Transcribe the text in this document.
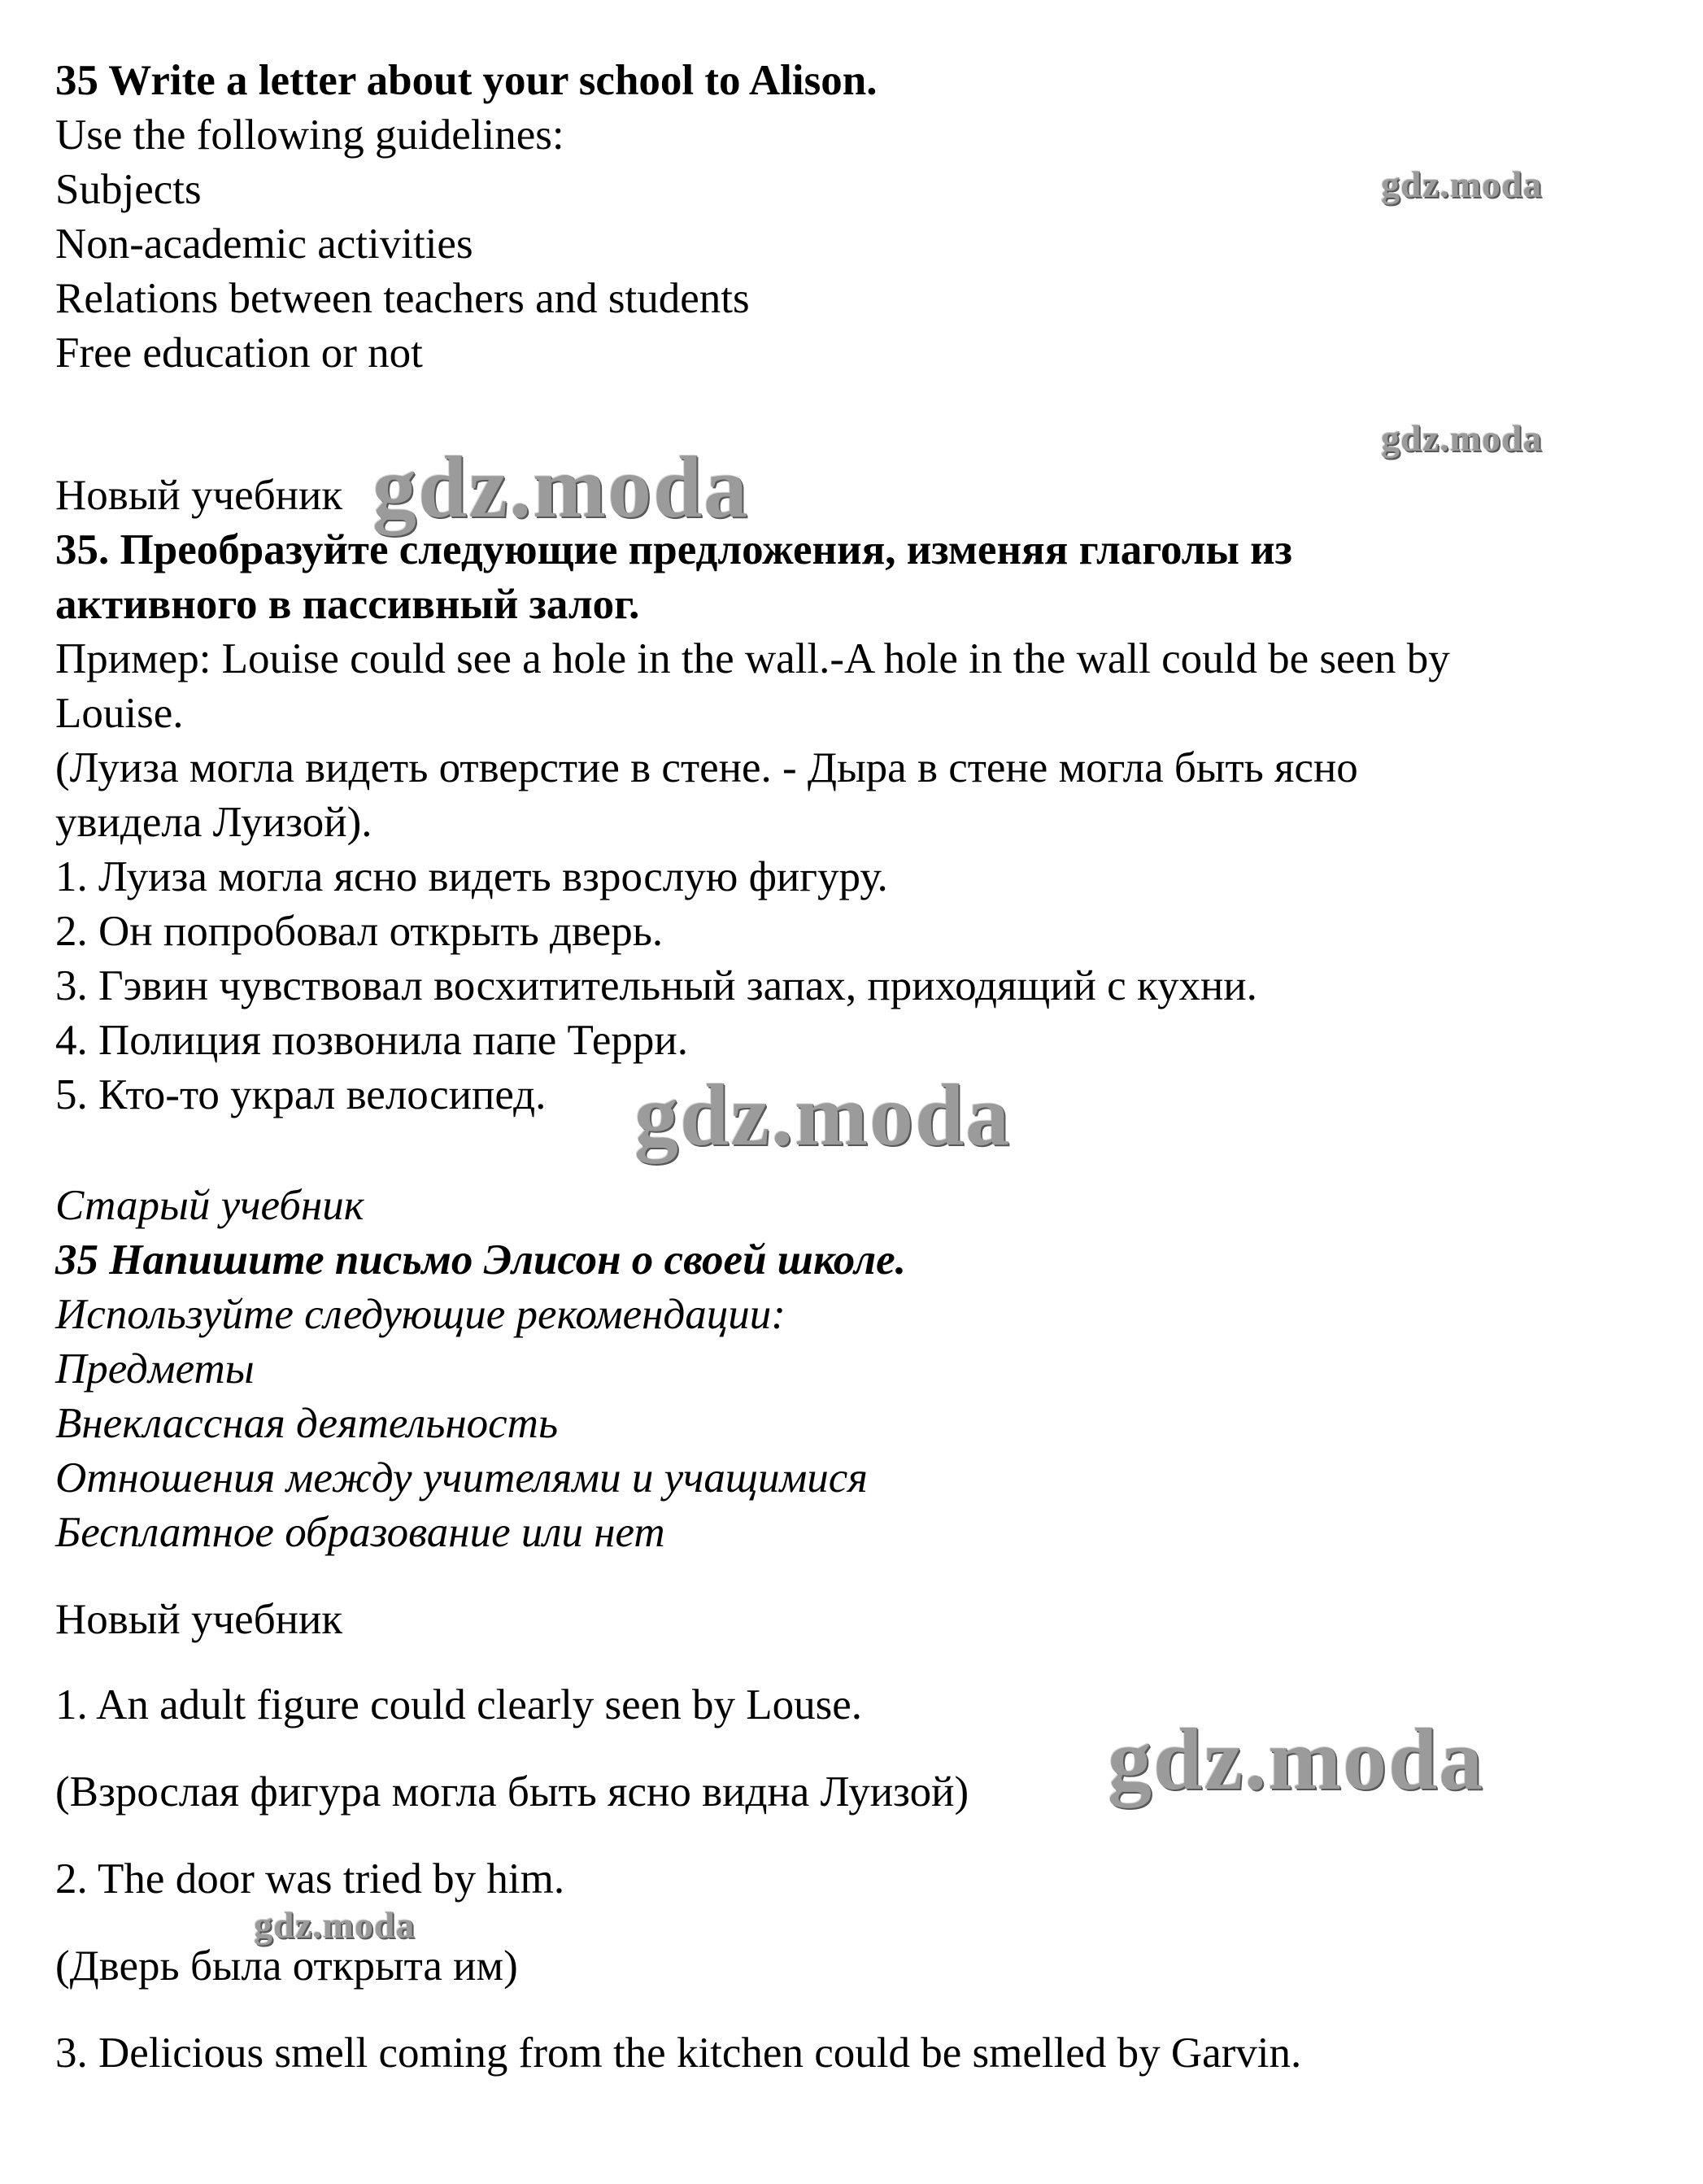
35 Write a letter about your school to Alison.
Use the following guidelines:
Subjects
Non-academic activities
Relations between teachers and students
Free education or not
Новый учебник
35. Преобразуйте следующие предложения, изменяя глаголы из
активного в пассивный залог.
Пример: Louise could see a hole in the wall.-A hole in the wall could be seen by
Louise.
(Луиза могла видеть отверстие в стене. - Дыра в стене могла быть ясно
увидела Луизой).
1. Луиза могла ясно видеть взрослую фигуру.
2. Он попробовал открыть дверь.
3. Гэвин чувствовал восхитительный запах, приходящий с кухни.
4. Полиция позвонила папе Терри.
5. Кто-то украл велосипед.
Старый учебник
35 Напишите письмо Элисон о своей школе.
Используйте следующие рекомендации:
Предметы
Внеклассная деятельность
Отношения между учителями и учащимися
Бесплатное образование или нет
Новый учебник
1. An adult figure could clearly seen by Louse.
(Взрослая фигура могла быть ясно видна Луизой)
2. The door was tried by him.
(Дверь была открыта им)
3. Delicious smell coming from the kitchen could be smelled by Garvin.
gdz.moda
gdz.moda
gdz.moda
gdz.moda
gdz.moda
gdz.moda
